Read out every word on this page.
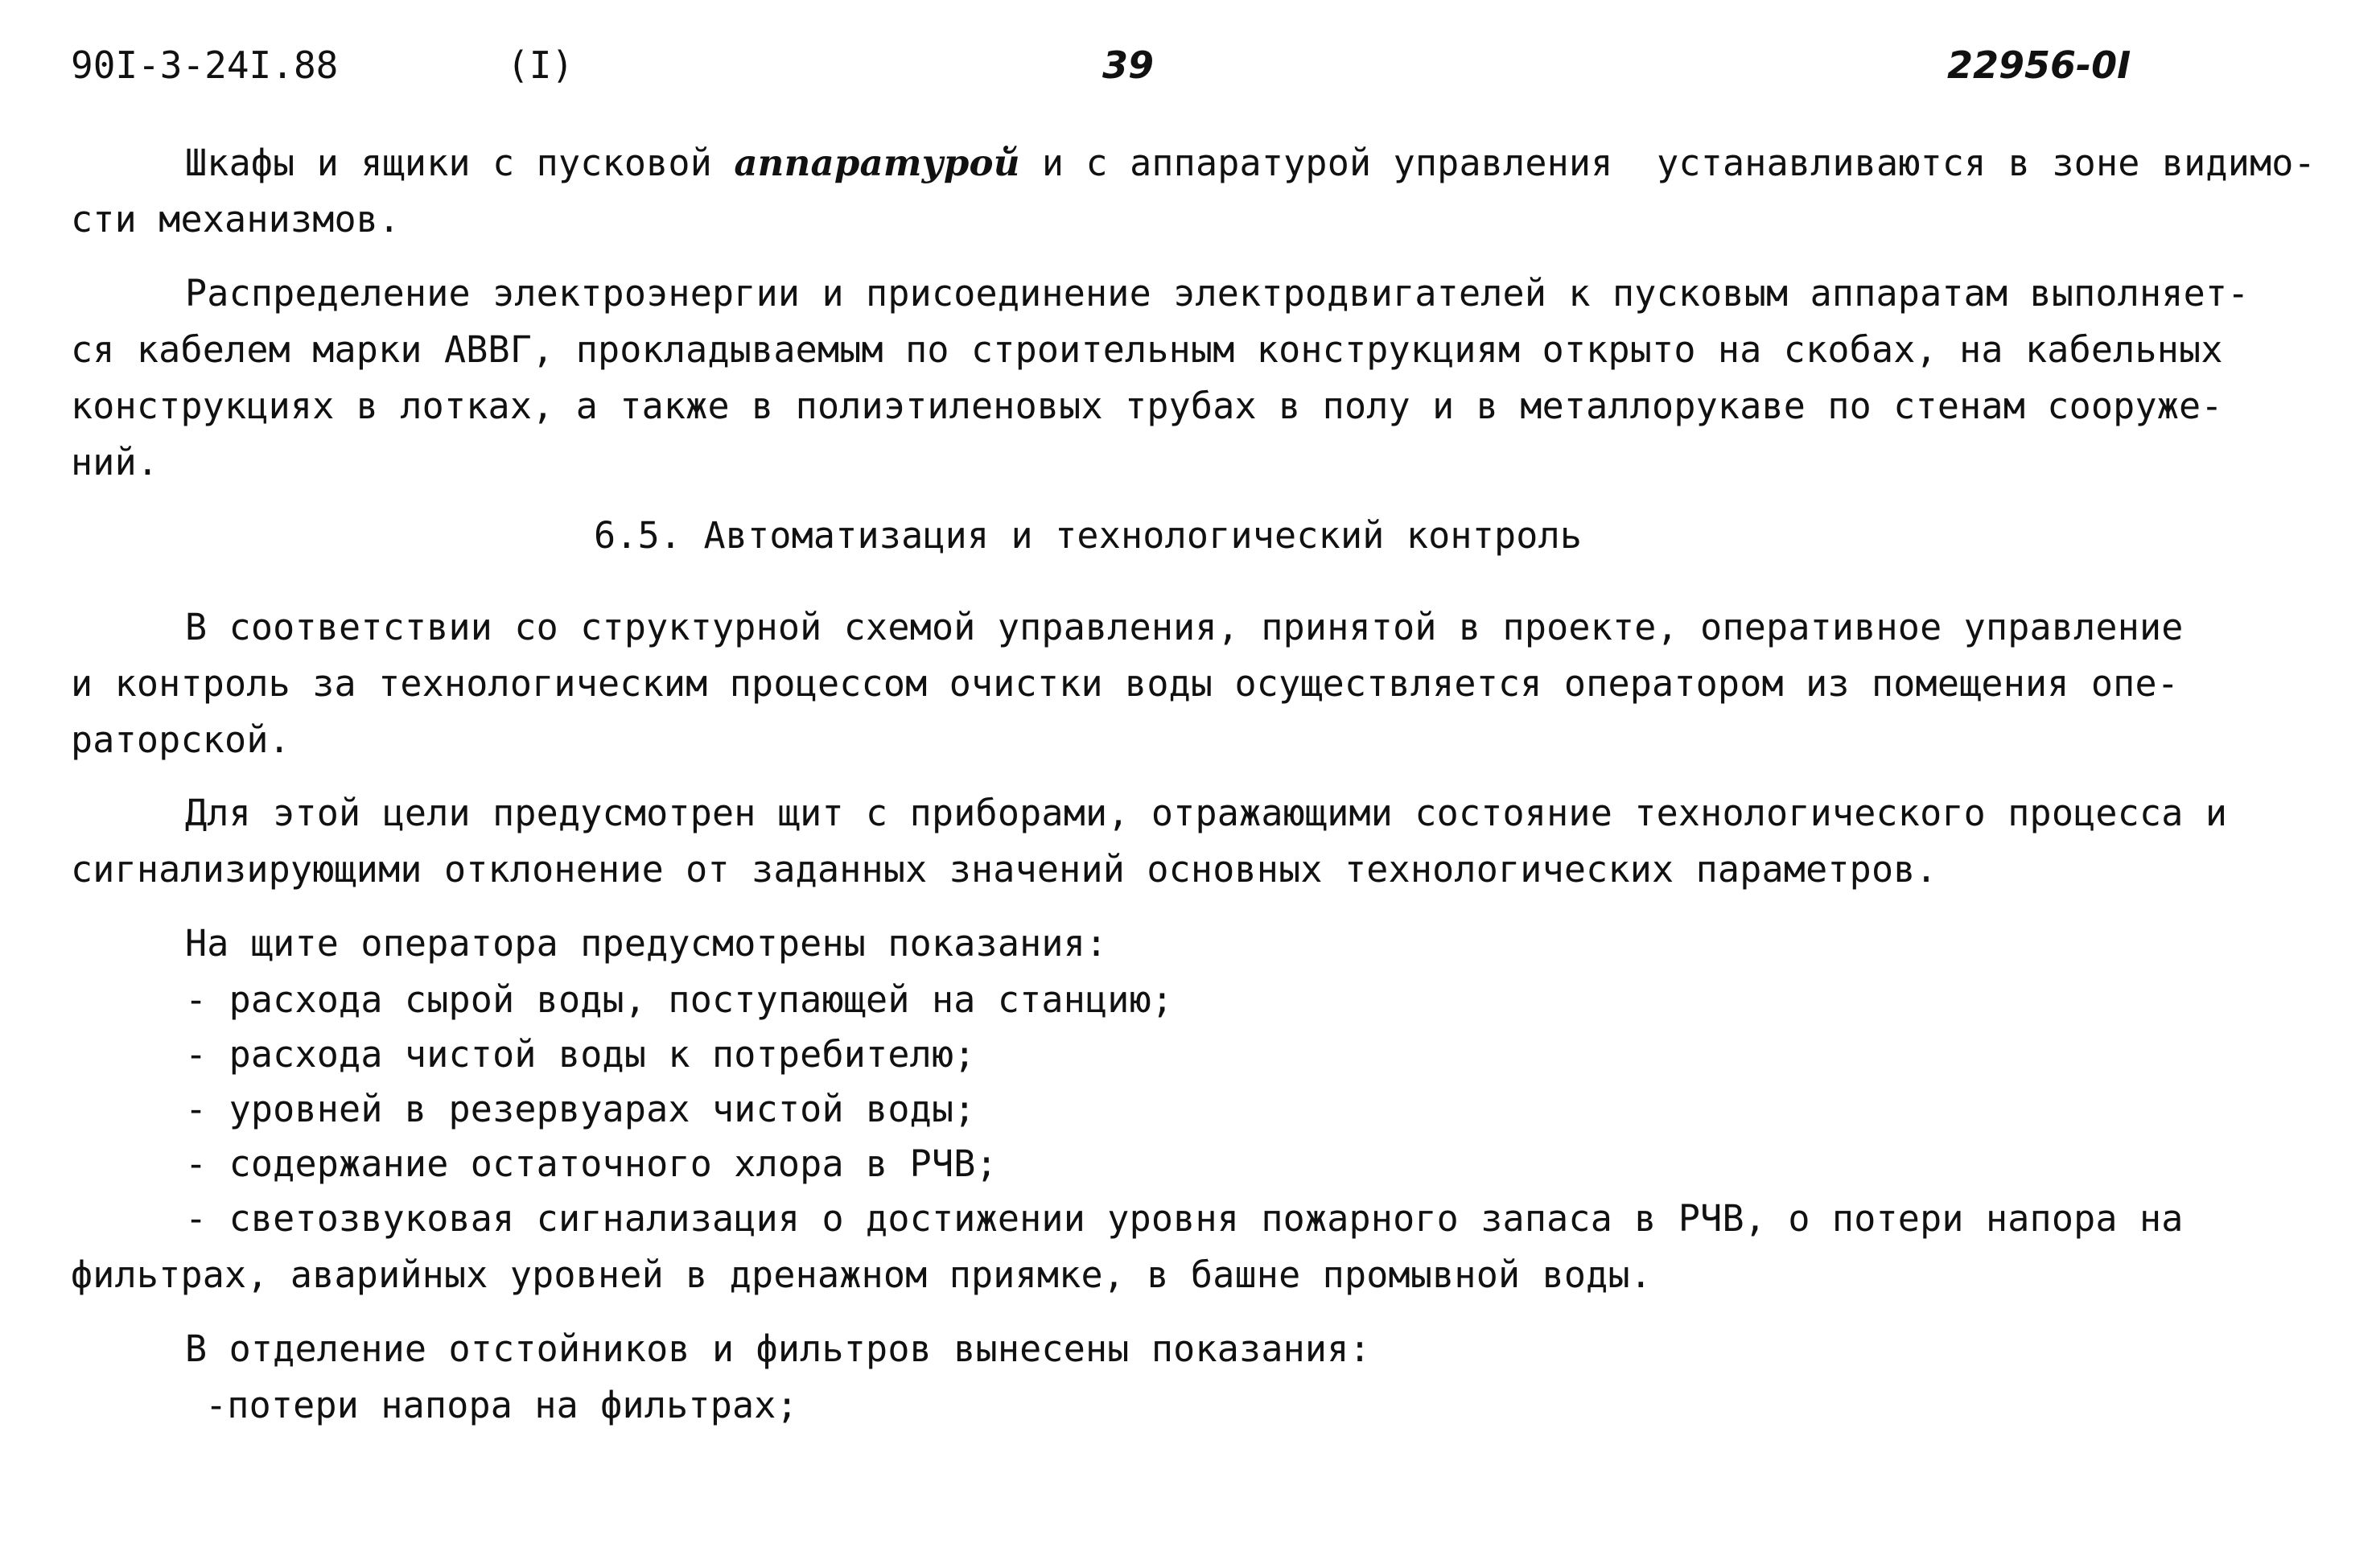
90I-3-24I.88	(I)	39	22956-0I
Шкафы и ящики с пусковой аппаратурой и с аппаратурой управления  устанавливаются в зоне видимо-
сти механизмов.
Распределение электроэнергии и присоединение электродвигателей к пусковым аппаратам выполняет-
ся кабелем марки АВВГ, прокладываемым по строительным конструкциям открыто на скобах, на кабельных
конструкциях в лотках, а также в полиэтиленовых трубах в полу и в металлорукаве по стенам сооруже-
ний.
6.5. Автоматизация и технологический контроль
В соответствии со структурной схемой управления, принятой в проекте, оперативное управление
и контроль за технологическим процессом очистки воды осуществляется оператором из помещения опе-
раторской.
Для этой цели предусмотрен щит с приборами, отражающими состояние технологического процесса и
сигнализирующими отклонение от заданных значений основных технологических параметров.
На щите оператора предусмотрены показания:
- расхода сырой воды, поступающей на станцию;
- расхода чистой воды к потребителю;
- уровней в резервуарах чистой воды;
- содержание остаточного хлора в РЧВ;
- светозвуковая сигнализация о достижении уровня пожарного запаса в РЧВ, о потери напора на
фильтрах, аварийных уровней в дренажном приямке, в башне промывной воды.
В отделение отстойников и фильтров вынесены показания:
-потери напора на фильтрах;
